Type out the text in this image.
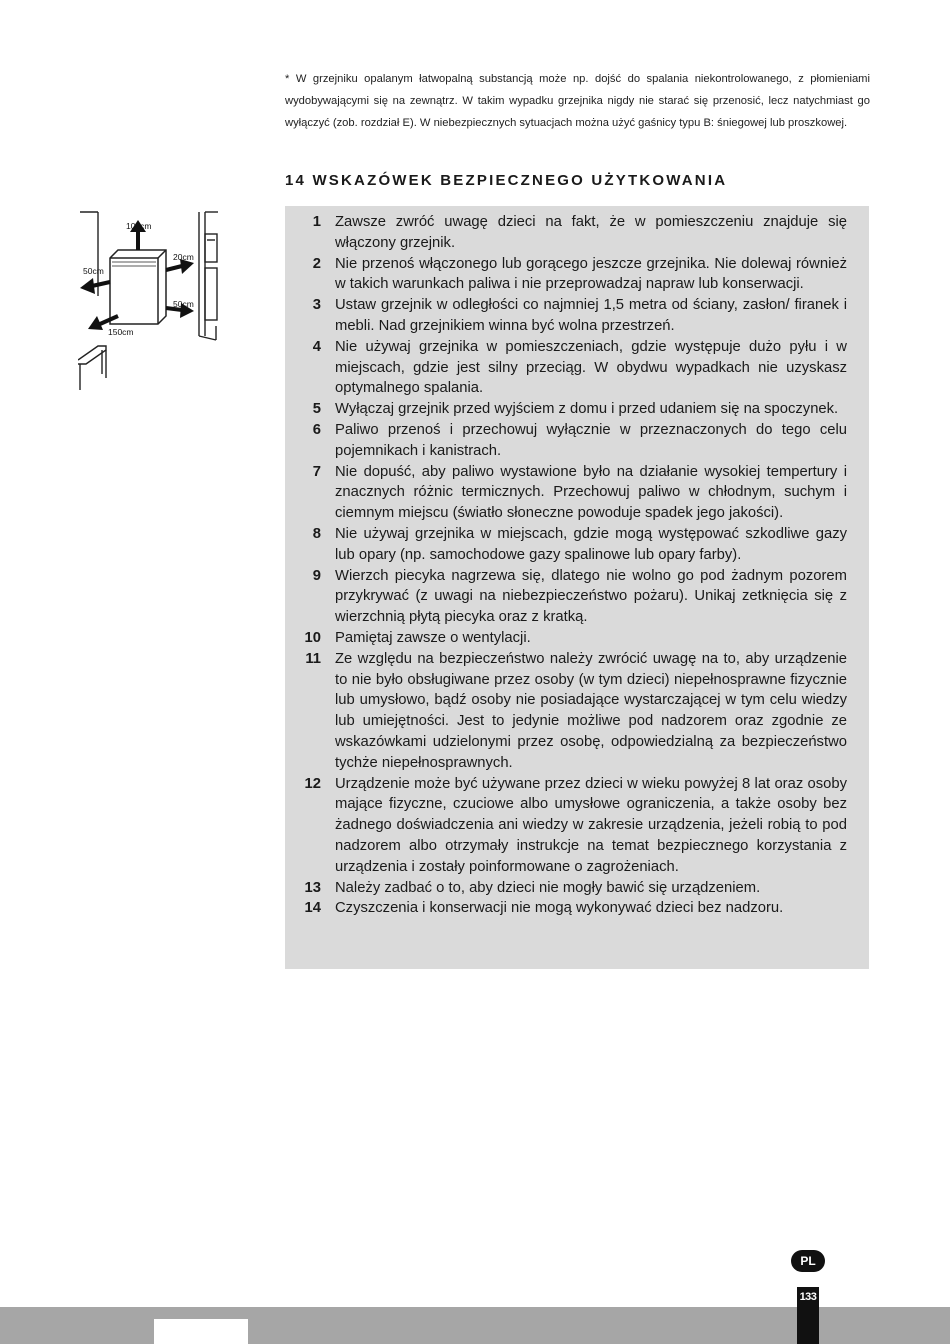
* W grzejniku opalanym łatwopalną substancją może np. dojść do spalania niekontrolowanego, z płomieniami wydobywającymi się na zewnątrz. W takim wypadku grzejnika nigdy nie starać się przenosić, lecz natychmiast go wyłączyć (zob. rozdział E). W niebezpiecznych sytuacjach można użyć gaśnicy typu B: śniegowej lub proszkowej.
14 WSKAZÓWEK BEZPIECZNEGO UŻYTKOWANIA
100cm
50cm
20cm
50cm
150cm
1 Zawsze zwróć uwagę dzieci na fakt, że w pomieszczeniu znajduje się włączony grzejnik.
2 Nie przenoś włączonego lub gorącego jeszcze grzejnika. Nie dolewaj również w takich warunkach paliwa i nie przeprowadzaj napraw lub konserwacji.
3 Ustaw grzejnik w odległości co najmniej 1,5 metra od ściany, zasłon/ firanek i mebli. Nad grzejnikiem winna być wolna przestrzeń.
4 Nie używaj grzejnika w pomieszczeniach, gdzie występuje dużo pyłu i w miejscach, gdzie jest silny przeciąg. W obydwu wypadkach nie uzyskasz optymalnego spalania.
5 Wyłączaj grzejnik przed wyjściem z domu i przed udaniem się na spoczynek.
6 Paliwo przenoś i przechowuj wyłącznie w przeznaczonych do tego celu pojemnikach i kanistrach.
7 Nie dopuść, aby paliwo wystawione było na działanie wysokiej tempertury i znacznych różnic termicznych. Przechowuj paliwo w chłodnym, suchym i ciemnym miejscu (światło słoneczne powoduje spadek jego jakości).
8 Nie używaj grzejnika w miejscach, gdzie mogą występować szkodliwe gazy lub opary (np. samochodowe gazy spalinowe lub opary farby).
9 Wierzch piecyka nagrzewa się, dlatego nie wolno go pod żadnym pozorem przykrywać (z uwagi na niebezpieczeństwo pożaru). Unikaj zetknięcia się z wierzchnią płytą piecyka oraz z kratką.
10 Pamiętaj zawsze o wentylacji.
11 Ze względu na bezpieczeństwo należy zwrócić uwagę na to, aby urządzenie to nie było obsługiwane przez osoby (w tym dzieci) niepełnosprawne fizycznie lub umysłowo, bądź osoby nie posiadające wystarczającej w tym celu wiedzy lub umiejętności. Jest to jedynie możliwe pod nadzorem oraz zgodnie ze wskazówkami udzielonymi przez osobę, odpowiedzialną za bezpieczeństwo tychże niepełnosprawnych.
12 Urządzenie może być używane przez dzieci w wieku powyżej 8 lat oraz osoby mające fizyczne, czuciowe albo umysłowe ograniczenia, a także osoby bez żadnego doświadczenia ani wiedzy w zakresie urządzenia, jeżeli robią to pod nadzorem albo otrzymały instrukcje na temat bezpiecznego korzystania z urządzenia i zostały poinformowane o zagrożeniach.
13 Należy zadbać o to, aby dzieci nie mogły bawić się urządzeniem.
14 Czyszczenia i konserwacji nie mogą wykonywać dzieci bez nadzoru.
PL
133
